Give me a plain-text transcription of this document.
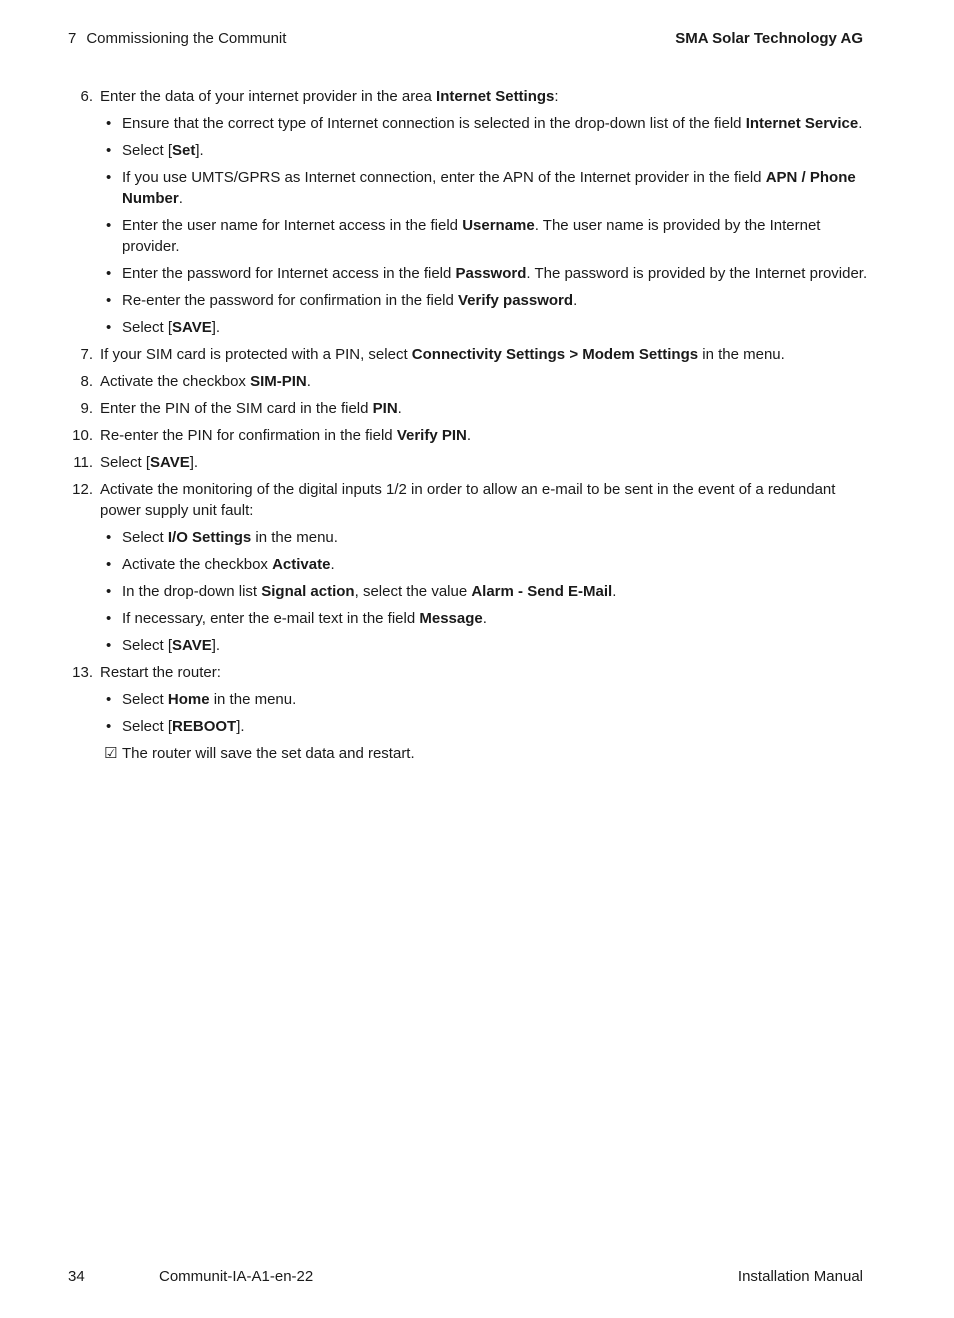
7 Commissioning the Communit	SMA Solar Technology AG
6. Enter the data of your internet provider in the area Internet Settings:
• Ensure that the correct type of Internet connection is selected in the drop-down list of the field Internet Service.
• Select [Set].
• If you use UMTS/GPRS as Internet connection, enter the APN of the Internet provider in the field APN / Phone Number.
• Enter the user name for Internet access in the field Username. The user name is provided by the Internet provider.
• Enter the password for Internet access in the field Password. The password is provided by the Internet provider.
• Re-enter the password for confirmation in the field Verify password.
• Select [SAVE].
7. If your SIM card is protected with a PIN, select Connectivity Settings > Modem Settings in the menu.
8. Activate the checkbox SIM-PIN.
9. Enter the PIN of the SIM card in the field PIN.
10. Re-enter the PIN for confirmation in the field Verify PIN.
11. Select [SAVE].
12. Activate the monitoring of the digital inputs 1/2 in order to allow an e-mail to be sent in the event of a redundant power supply unit fault:
• Select I/O Settings in the menu.
• Activate the checkbox Activate.
• In the drop-down list Signal action, select the value Alarm - Send E-Mail.
• If necessary, enter the e-mail text in the field Message.
• Select [SAVE].
13. Restart the router:
• Select Home in the menu.
• Select [REBOOT].
☑ The router will save the set data and restart.
34	Communit-IA-A1-en-22	Installation Manual
